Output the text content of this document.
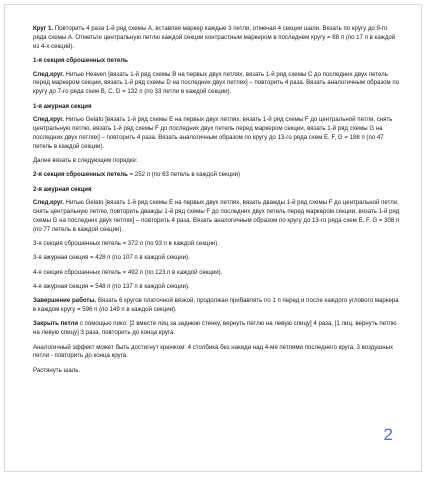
Круг 1. Повторить 4 раза 1-й ряд схемы А, вставляя маркер каждые 3 петли, отмечая 4 секции шали. Вязать по кругу до 9-го ряда схемы А. Отметьте центральную петлю каждой секции контрастным маркером в последнем кругу = 88 п (по 17 п в каждой из 4-х секций).

1-я секция сброшенных петель

След.круг. Нитью Heaven [вязать 1-й ряд схемы В на первых двух петлях, вязать 1-й ряд схемы С до последних двух петель перед маркером секции, вязать 1-й ряд схемы D на последних двух петлях] – повторить 4 раза. Вязать аналогичным образом по кругу до 7-го ряда схем В, С, D = 132 п (по 33 петли в каждой секции).

1-я ажурная секция

След.круг. Нитью Gelato [вязать 1-й ряд схемы E на первых двух петлях, вязать 1-й ряд схемы F до центральной петли, снять центральную петлю, вязать 1-й ряд схемы F до последних двух петель перед маркером секции, вязать 1-й ряд схемы G на последних двух петлях] – повторить 4 раза. Вязать аналогичным образом по кругу до 13-го ряда схем E, F, G = 188 п (по 47 петель в каждой секции).

Далее вязать в следующем порядке:

2-я секция сброшенных петель = 252 п (по 63 петель в каждой секции)

2-я ажурная секция

След.круг. Нитью Gelato [вязать 1-й ряд схемы E на первых двух петлях, вязать дважды 1-й ряд схемы F до центральной петли, снять центральную петлю, повторить дважды 1-й ряд схемы F до последних двух петель перед маркером секции, вязать 1-й ряд схемы G на последних двух петлях] – повторить 4 раза. Вязать аналогичным образом по кругу до 13-го ряда схем E, F, G = 308 п (по 77 петель в каждой секции).

3-я секция сброшенных петель = 372 п (по 93 п в каждой секции).

3-я ажурная секция = 428 п (по 107 п в каждой секции).

4-я секция сброшенных петель = 492 п (по 123 п в каждой секции).

4-я ажурная секция = 548 п (по 137 п в каждой секции).

Завершение работы. Вязать 6 кругов платочной вязкой, продолжая прибавлять по 1 п перед и после каждого углового маркера в каждом кругу = 596 п (по 149 п в каждой секции).

Закрыть петли с помощью пико: [2 вместе лиц за заднюю стенку, вернуть петлю на левую спицу] 4 раза, [1 лиц, вернуть петлю на левую спицу] 3 раза, повторить до конца круга.

Аналогичный эффект может быть достигнут крючком: 4 столбика без накида над 4-мя петлями последнего круга, 3 воздушных петли - повторить до конца круга.

Растянуть шаль.

2
